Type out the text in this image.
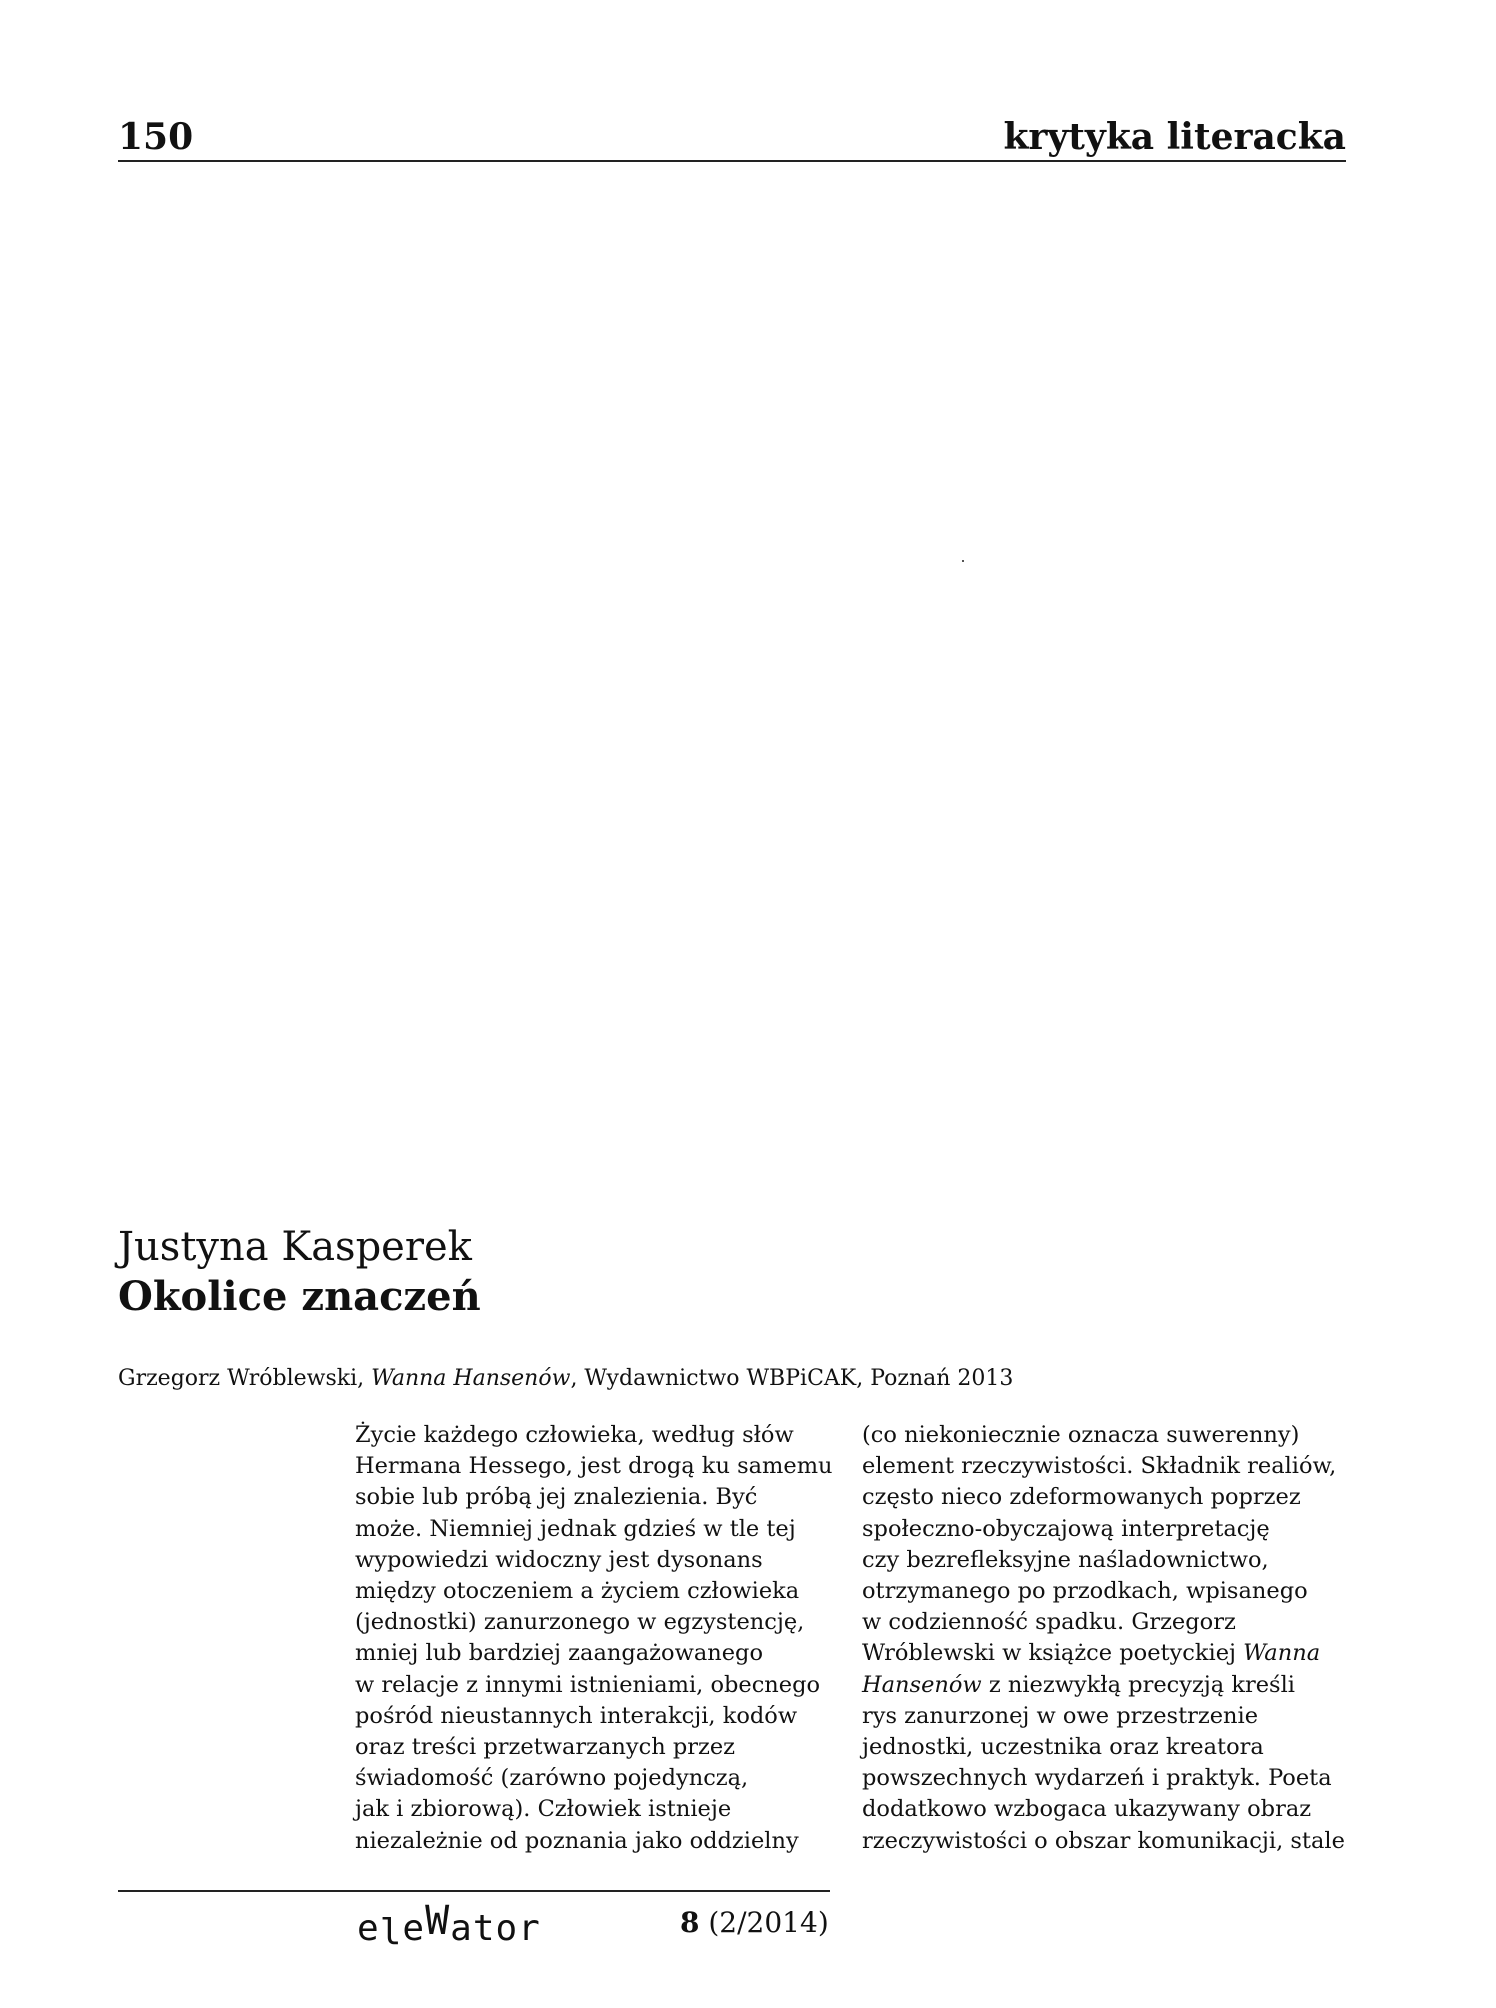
150	krytyka literacka
Justyna Kasperek
Okolice znaczeń
Grzegorz Wróblewski, Wanna Hansenów, Wydawnictwo WBPiCAK, Poznań 2013
Życie każdego człowieka, według słów
Hermana Hessego, jest drogą ku samemu
sobie lub próbą jej znalezienia. Być
może. Niemniej jednak gdzieś w tle tej
wypowiedzi widoczny jest dysonans
między otoczeniem a życiem człowieka
(jednostki) zanurzonego w egzystencję,
mniej lub bardziej zaangażowanego
w relacje z innymi istnieniami, obecnego
pośród nieustannych interakcji, kodów
oraz treści przetwarzanych przez
świadomość (zarówno pojedynczą,
jak i zbiorową). Człowiek istnieje
niezależnie od poznania jako oddzielny
(co niekoniecznie oznacza suwerenny)
element rzeczywistości. Składnik realiów,
często nieco zdeformowanych poprzez
społeczno-obyczajową interpretację
czy bezrefleksyjne naśladownictwo,
otrzymanego po przodkach, wpisanego
w codzienność spadku. Grzegorz
Wróblewski w książce poetyckiej Wanna
Hansenów z niezwykłą precyzją kreśli
rys zanurzonej w owe przestrzenie
jednostki, uczestnika oraz kreatora
powszechnych wydarzeń i praktyk. Poeta
dodatkowo wzbogaca ukazywany obraz
rzeczywistości o obszar komunikacji, stale
eleWator	8 (2/2014)
